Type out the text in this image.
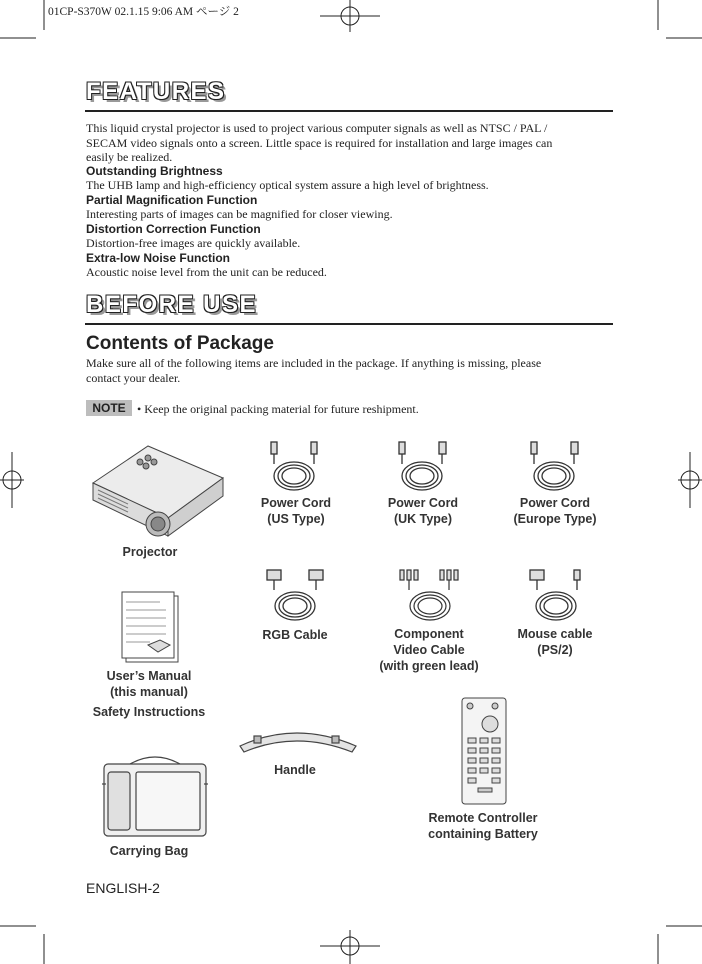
01CP-S370W 02.1.15 9:06 AM ページ 2
FEATURES
This liquid crystal projector is used to project various computer signals as well as NTSC / PAL /
SECAM video signals onto a screen. Little space is required for installation and large images can
easily be realized.
Outstanding Brightness
The UHB lamp and high-efficiency optical system assure a high level of brightness.
Partial Magnification Function
Interesting parts of images can be magnified for closer viewing.
Distortion Correction Function
Distortion-free images are quickly available.
Extra-low Noise Function
Acoustic noise level from the unit can be reduced.
BEFORE USE
Contents of Package
Make sure all of the following items are included in the package. If anything is missing, please
contact your dealer.
NOTE • Keep the original packing material for future reshipment.
Projector
Power Cord
(US Type)
Power Cord
(UK Type)
Power Cord
(Europe Type)
RGB Cable	Component
Video Cable
(with green lead)
Mouse cable
(PS/2)
User’s Manual
(this manual)
Safety Instructions
Handle
Remote Controller
containing Battery
Carrying Bag
ENGLISH-2
